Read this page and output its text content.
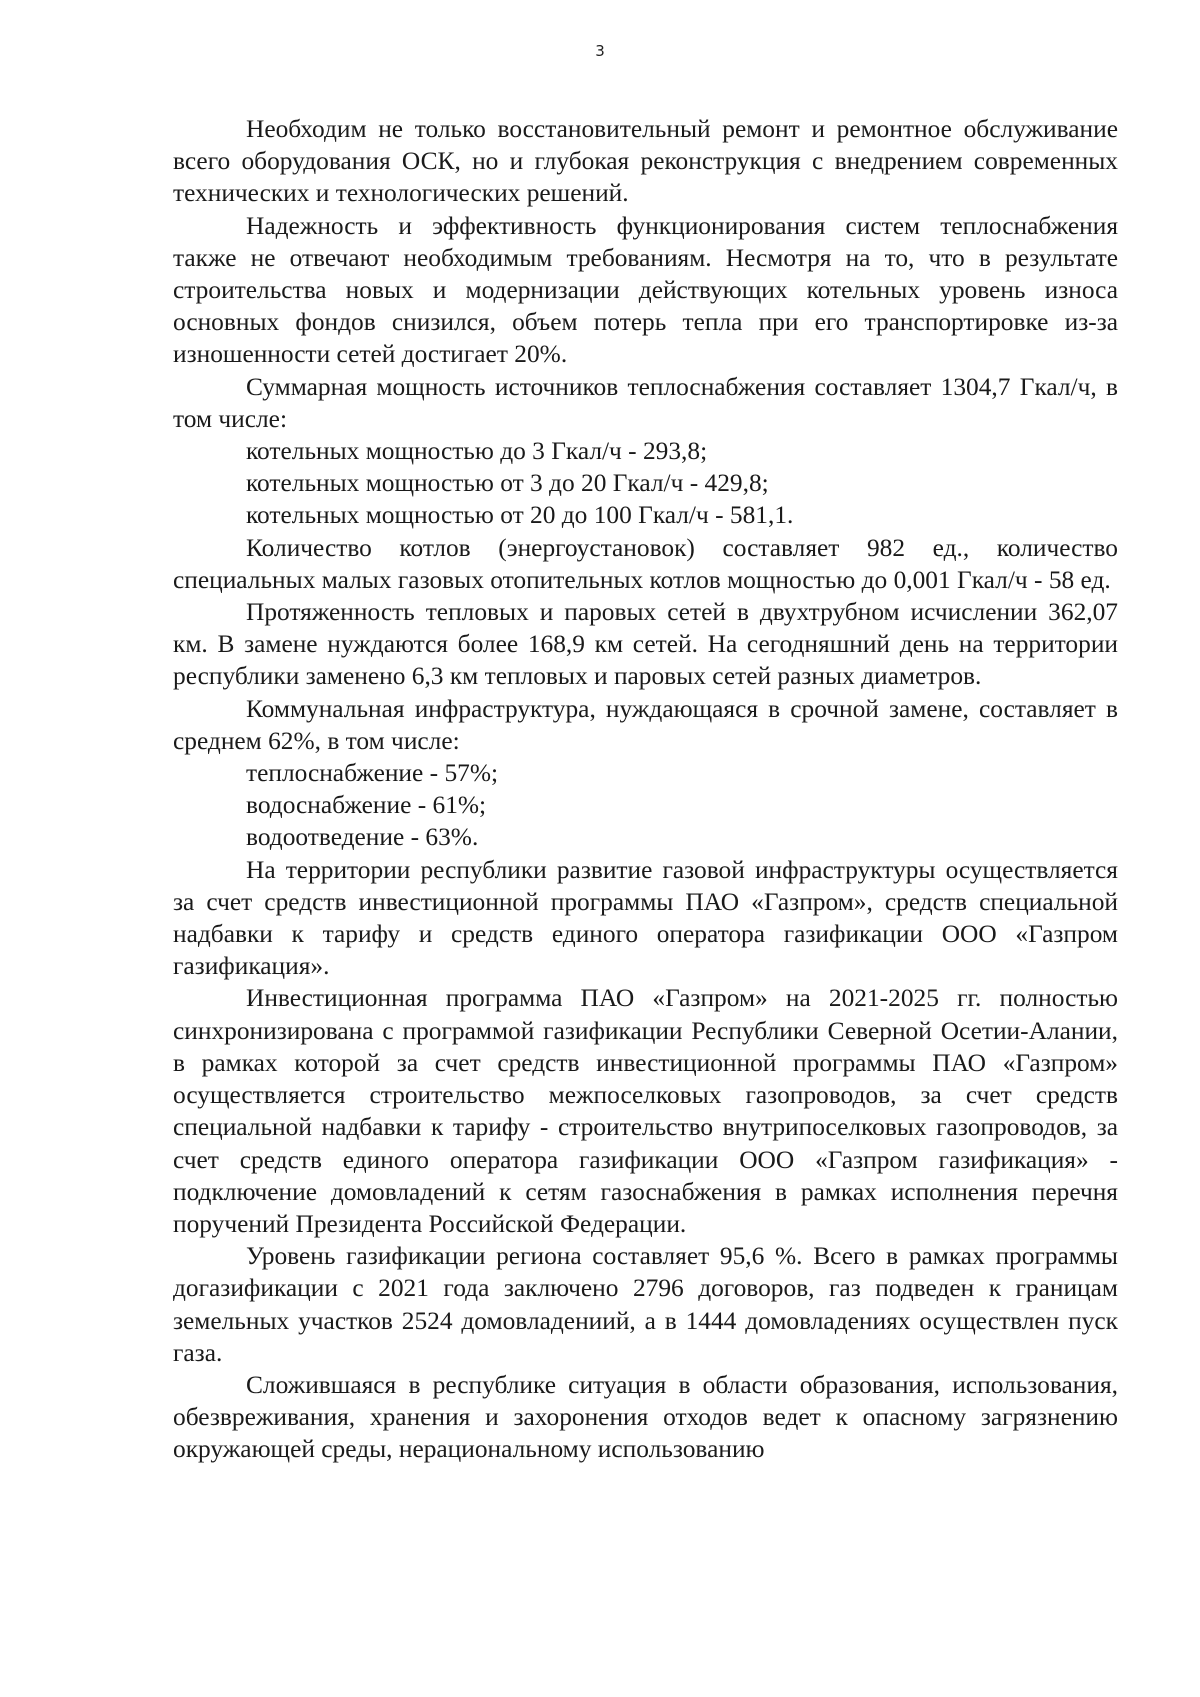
3

Необходим не только восстановительный ремонт и ремонтное обслуживание всего оборудования ОСК, но и глубокая реконструкция с внедрением современных технических и технологических решений.

Надежность и эффективность функционирования систем теплоснабжения также не отвечают необходимым требованиям. Несмотря на то, что в результате строительства новых и модернизации действующих котельных уровень износа основных фондов снизился, объем потерь тепла при его транспортировке из-за изношенности сетей достигает 20%.

Суммарная мощность источников теплоснабжения составляет 1304,7 Гкал/ч, в том числе:

котельных мощностью до 3 Гкал/ч - 293,8;

котельных мощностью от 3 до 20 Гкал/ч - 429,8;

котельных мощностью от 20 до 100 Гкал/ч - 581,1.

Количество котлов (энергоустановок) составляет 982 ед., количество специальных малых газовых отопительных котлов мощностью до 0,001 Гкал/ч - 58 ед.

Протяженность тепловых и паровых сетей в двухтрубном исчислении 362,07 км. В замене нуждаются более 168,9 км сетей. На сегодняшний день на территории республики заменено 6,3 км тепловых и паровых сетей разных диаметров.

Коммунальная инфраструктура, нуждающаяся в срочной замене, составляет в среднем 62%, в том числе:

теплоснабжение - 57%;

водоснабжение - 61%;

водоотведение - 63%.

На территории республики развитие газовой инфраструктуры осуществляется за счет средств инвестиционной программы ПАО «Газпром», средств специальной надбавки к тарифу и средств единого оператора газификации ООО «Газпром газификация».

Инвестиционная программа ПАО «Газпром» на 2021-2025 гг. полностью синхронизирована с программой газификации Республики Северной Осетии-Алании, в рамках которой за счет средств инвестиционной программы ПАО «Газпром» осуществляется строительство межпоселковых газопроводов, за счет средств специальной надбавки к тарифу - строительство внутрипоселковых газопроводов, за счет средств единого оператора газификации ООО «Газпром газификация» - подключение домовладений к сетям газоснабжения в рамках исполнения перечня поручений Президента Российской Федерации.

Уровень газификации региона составляет 95,6 %. Всего в рамках программы догазификации с 2021 года заключено 2796 договоров, газ подведен к границам земельных участков 2524 домовладениий, а в 1444 домовладениях осуществлен пуск газа.

Сложившаяся в республике ситуация в области образования, использования, обезвреживания, хранения и захоронения отходов ведет к опасному загрязнению окружающей среды, нерациональному использованию
